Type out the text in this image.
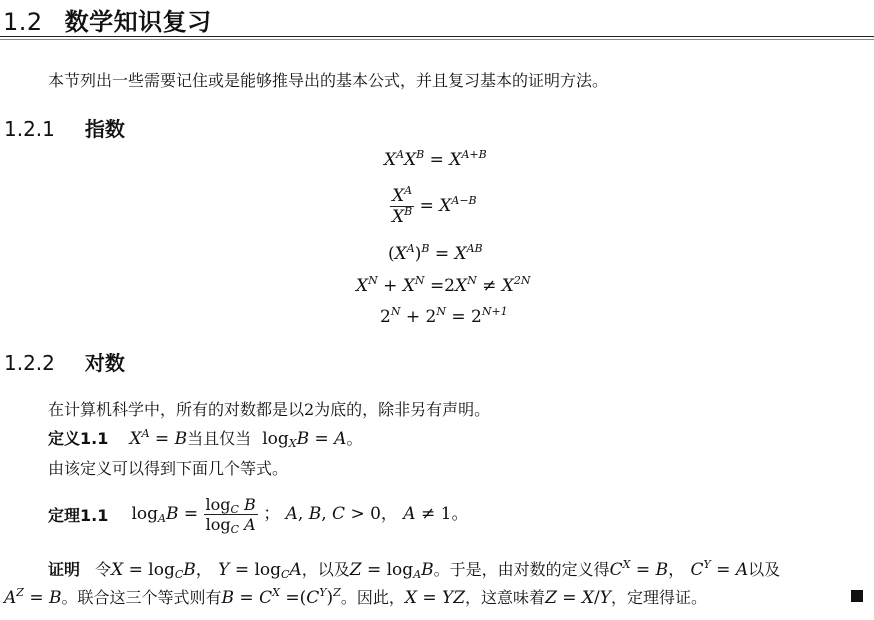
1.2 数学知识复习
本节列出一些需要记住或是能够推导出的基本公式，并且复习基本的证明方法。
1.2.1 指数
$X^AX^B = X^{A+B}$
$\frac{X^A}{X^B} = X^{A-B}$
$(X^A)^B = X^{AB}$
$X^N + X^N =2X^N \ne X^{2N}$
$2^N + 2^N = 2^{N+1}$
1.2.2 对数
在计算机科学中，所有的对数都是以2为底的，除非另有声明。
定义1.1 $X^A = B$当且仅当 $\log_XB = A$。
由该定义可以得到下面几个等式。
定理1.1 $\log_AB = \frac{\log_C B}{\log_C A}$ ； A, B, C > 0， A ≠ 1。
证明 令$X = \log_CB$， $Y = \log_CA$，以及$Z = \log_AB$。于是，由对数的定义得$C^X = B$， $C^Y = A$以及
$A^Z = B$。联合这三个等式则有$B = C^X =(C^Y)^Z$。因此，X = YZ，这意味着Z = X/Y，定理得证。
